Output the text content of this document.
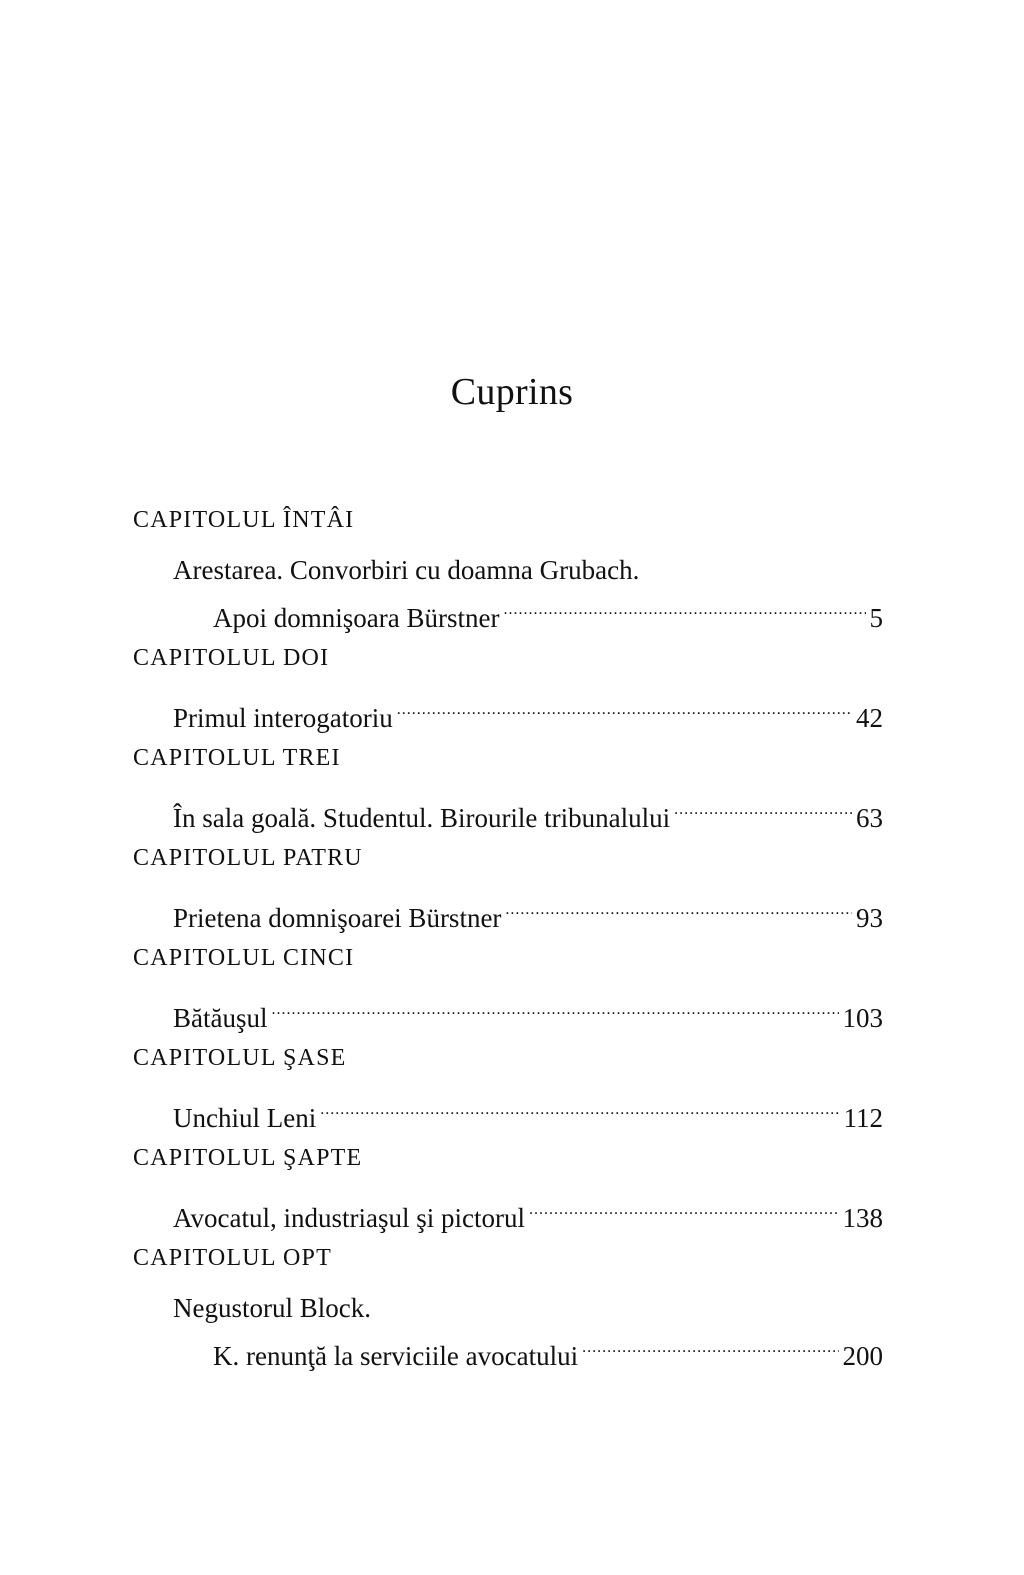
Cuprins
CAPITOLUL ÎNTÂI
Arestarea. Convorbiri cu doamna Grubach.
Apoi domnişoara Bürstner .....	5
CAPITOLUL DOI
Primul interogatoriu .....	42
CAPITOLUL TREI
În sala goală. Studentul. Birourile tribunalului .....	63
CAPITOLUL PATRU
Prietena domnişoarei Bürstner .....	93
CAPITOLUL CINCI
Bătăuşul .....	103
CAPITOLUL ŞASE
Unchiul Leni .....	112
CAPITOLUL ŞAPTE
Avocatul, industriaşul şi pictorul .....	138
CAPITOLUL OPT
Negustorul Block.
K. renunţă la serviciile avocatului .....	200
